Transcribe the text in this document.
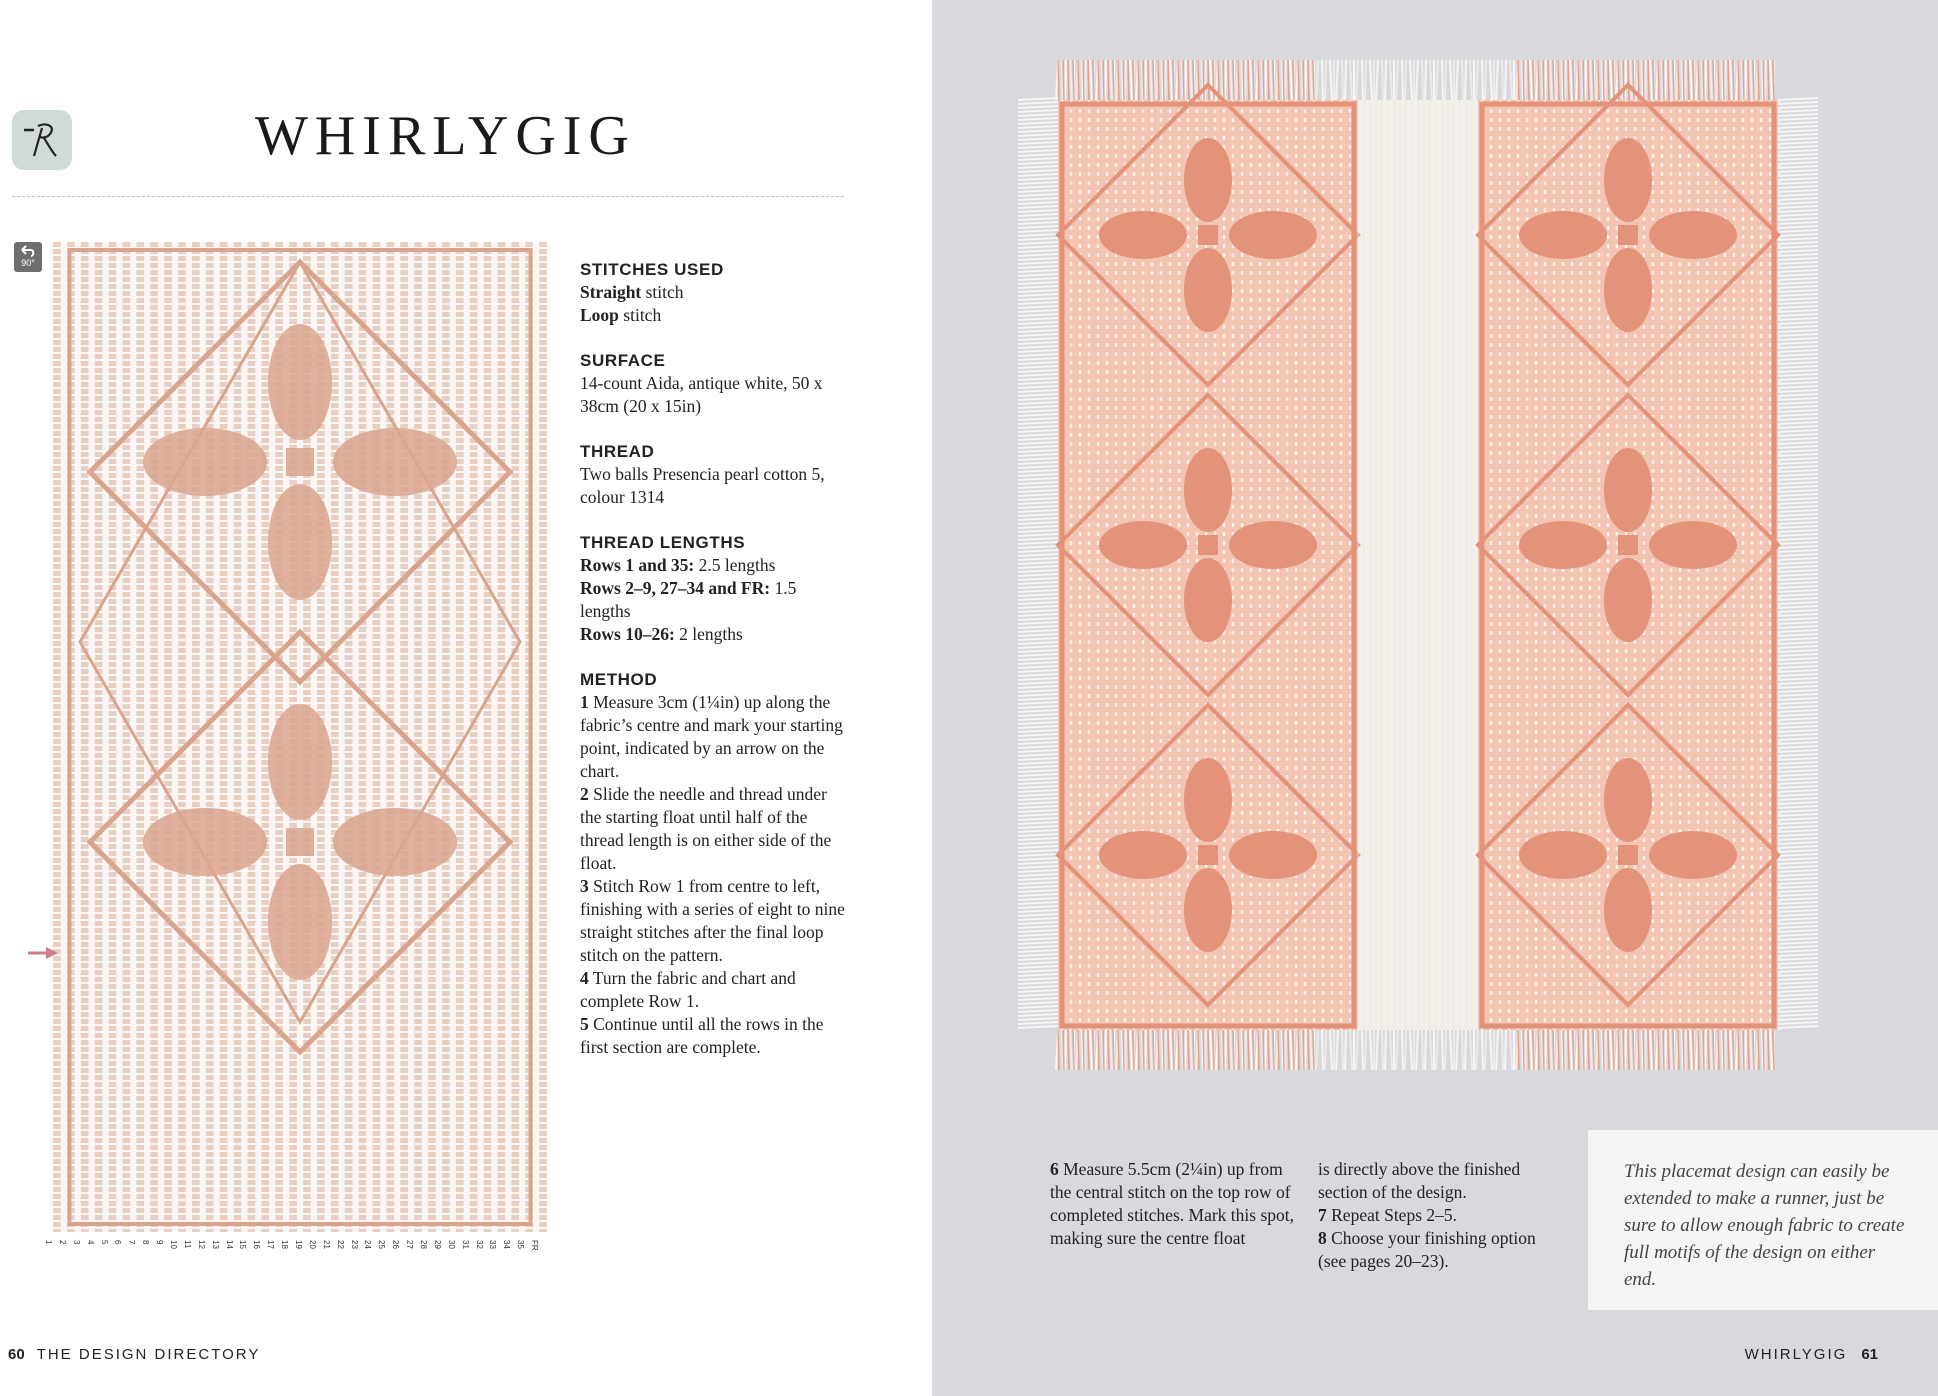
WHIRLYGIG
90°
1 2 3 4 5 6 7 8 9 10 11 12 13 14 15 16 17 18 19 20 21 22 23 24 25 26 27 28 29 30 31 32 33 34 35 FR
STITCHES USED

Straight stitch

Loop stitch

SURFACE

14-count Aida, antique white, 50 x 38cm (20 x 15in)

THREAD

Two balls Presencia pearl cotton 5, colour 1314

THREAD LENGTHS

Rows 1 and 35: 2.5 lengths

Rows 2–9, 27–34 and FR: 1.5 lengths

Rows 10–26: 2 lengths

METHOD

1 Measure 3cm (1¼in) up along the fabric’s centre and mark your starting point, indicated by an arrow on the chart.

2 Slide the needle and thread under the starting float until half of the thread length is on either side of the float.

3 Stitch Row 1 from centre to left, finishing with a series of eight to nine straight stitches after the final loop stitch on the pattern.

4 Turn the fabric and chart and complete Row 1.

5 Continue until all the rows in the first section are complete.

60 THE DESIGN DIRECTORY

6 Measure 5.5cm (2¼in) up from the central stitch on the top row of completed stitches. Mark this spot, making sure the centre float

is directly above the finished section of the design.

7 Repeat Steps 2–5.

8 Choose your finishing option (see pages 20–23).

This placemat design can easily be extended to make a runner, just be sure to allow enough fabric to create full motifs of the design on either end.

WHIRLYGIG 61
